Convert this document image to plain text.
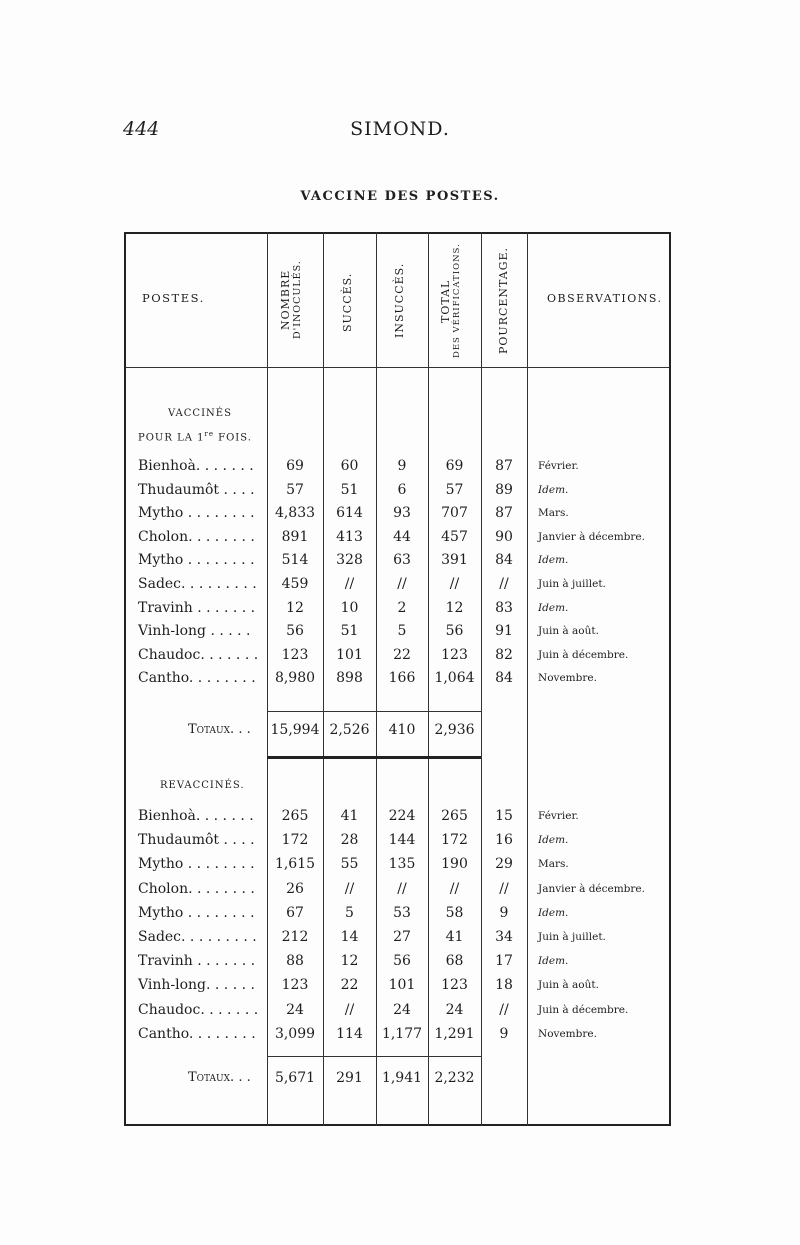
444	SIMOND.
VACCINE DES POSTES.
POSTES.	NOMBRE D'INOCULÉS.	SUCCÈS.	INSUCCÈS.	TOTAL DES VÉRIFICATIONS.	POURCENTAGE.	OBSERVATIONS.
VACCINÉS
POUR LA 1re FOIS.
Bienhoà. . . . . . .	69	60	9	69	87	Février.
Thudaumôt . . . .	57	51	6	57	89	Idem.
Mytho . . . . . . . .	4,833	614	93	707	87	Mars.
Cholon. . . . . . . .	891	413	44	457	90	Janvier à décembre.
Mytho . . . . . . . .	514	328	63	391	84	Idem.
Sadec. . . . . . . . .	459	//	//	//	//	Juin à juillet.
Travinh . . . . . . .	12	10	2	12	83	Idem.
Vinh-long . . . . .	56	51	5	56	91	Juin à août.
Chaudoc. . . . . . .	123	101	22	123	82	Juin à décembre.
Cantho. . . . . . . .	8,980	898	166	1,064	84	Novembre.
Totaux. . . 15,994 2,526	410	2,936
REVACCINÉS.
Bienhoà. . . . . . .	265	41	224	265	15	Février.
Thudaumôt . . . .	172	28	144	172	16	Idem.
Mytho . . . . . . . .	1,615	55	135	190	29	Mars.
Cholon. . . . . . . .	26	//	//	//	//	Janvier à décembre.
Mytho . . . . . . . .	67	5	53	58	9	Idem.
Sadec. . . . . . . . .	212	14	27	41	34	Juin à juillet.
Travinh . . . . . . .	88	12	56	68	17	Idem.
Vinh-long. . . . . .	123	22	101	123	18	Juin à août.
Chaudoc. . . . . . .	24	//	24	24	//	Juin à décembre.
Cantho. . . . . . . .	3,099	114	1,177 1,291	9	Novembre.
Totaux. . .	5,671	291	1,941 2,232
